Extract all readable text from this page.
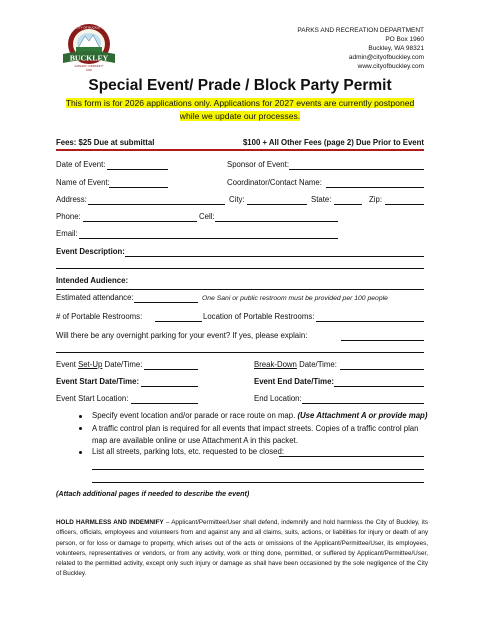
CITY OF BUCKLEY
BUCKLEY
GATEWAY COMMUNITY
1890
PARKS AND RECREATION DEPARTMENT
PO Box 1960
Buckley, WA 98321
admin@cityofbuckley.com
www.cityofbuckley.com
Special Event/ Prade / Block Party Permit
This form is for 2026 applications only. Applications for 2027 events are currently postponed
while we update our processes.
Fees: $25 Due at submittal	$100 + All Other Fees (page 2) Due Prior to Event
Date of Event:	Sponsor of Event:
Name of Event:	Coordinator/Contact Name:
Address:	City:	State:	Zip:
Phone:	Cell:
Email:
Event Description:
Intended Audience:
Estimated attendance:	One Sani or public restroom must be provided per 100 people
# of Portable Restrooms:	Location of Portable Restrooms:
Will there be any overnight parking for your event? If yes, please explain:
Event Set-Up Date/Time:	Break-Down Date/Time:
Event Start Date/Time:	Event End Date/Time:
Event Start Location:	End Location:
Specify event location and/or parade or race route on map. (Use Attachment A or provide map)
A traffic control plan is required for all events that impact streets. Copies of a traffic control plan
map are available online or use Attachment A in this packet.
List all streets, parking lots, etc. requested to be closed:
(Attach additional pages if needed to describe the event)
HOLD HARMLESS AND INDEMNIFY – Applicant/Permittee/User shall defend, indemnify and hold harmless the City of Buckley, its officers, officials, employees and volunteers from and against any and all claims, suits, actions, or liabilities for injury or death of any person, or for loss or damage to property, which arises out of the acts or omissions of the Applicant/Permittee/User, its employees, volunteers, representatives or vendors, or from any activity, work or thing done, permitted, or suffered by Applicant/Permittee/User, related to the permitted activity, except only such injury or damage as shall have been occasioned by the sole negligence of the City of Buckley.
